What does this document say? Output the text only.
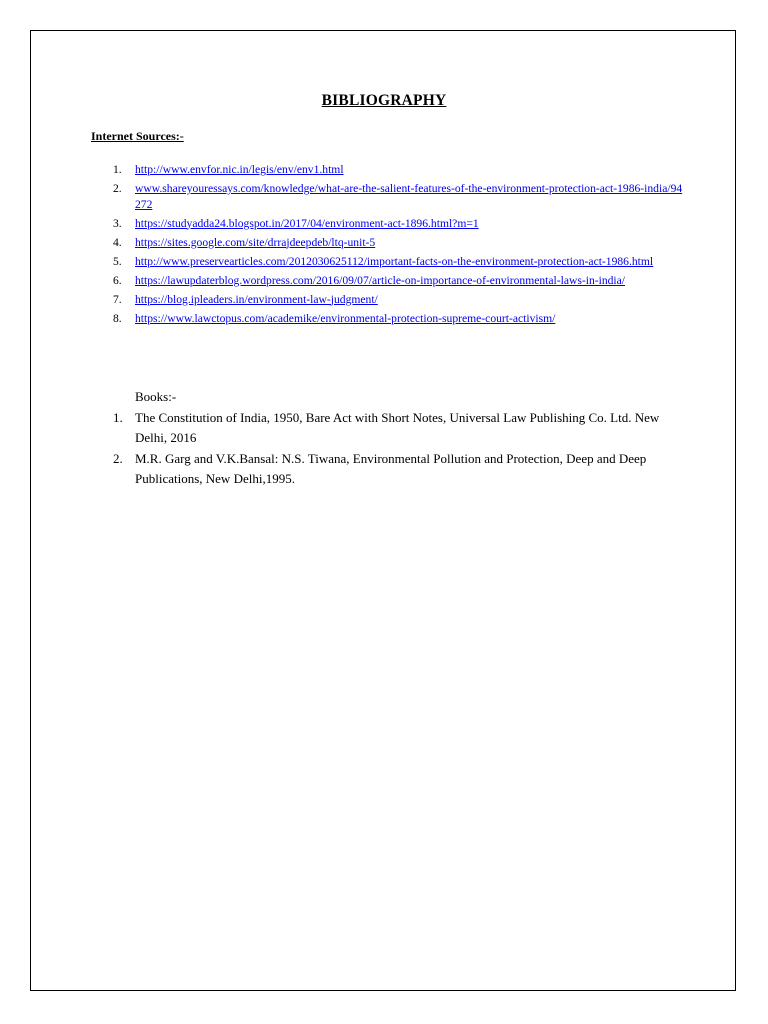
BIBLIOGRAPHY
Internet Sources:-
1. http://www.envfor.nic.in/legis/env/env1.html
2. www.shareyouressays.com/knowledge/what-are-the-salient-features-of-the-environment-protection-act-1986-india/94272
3. https://studyadda24.blogspot.in/2017/04/environment-act-1896.html?m=1
4. https://sites.google.com/site/drrajdeepdeb/ltq-unit-5
5. http://www.preservearticles.com/2012030625112/important-facts-on-the-environment-protection-act-1986.html
6. https://lawupdaterblog.wordpress.com/2016/09/07/article-on-importance-of-environmental-laws-in-india/
7. https://blog.ipleaders.in/environment-law-judgment/
8. https://www.lawctopus.com/academike/environmental-protection-supreme-court-activism/
Books:-
1. The Constitution of India, 1950, Bare Act with Short Notes, Universal Law Publishing Co. Ltd. New Delhi, 2016
2. M.R. Garg and V.K.Bansal: N.S. Tiwana, Environmental Pollution and Protection, Deep and Deep Publications, New Delhi,1995.
